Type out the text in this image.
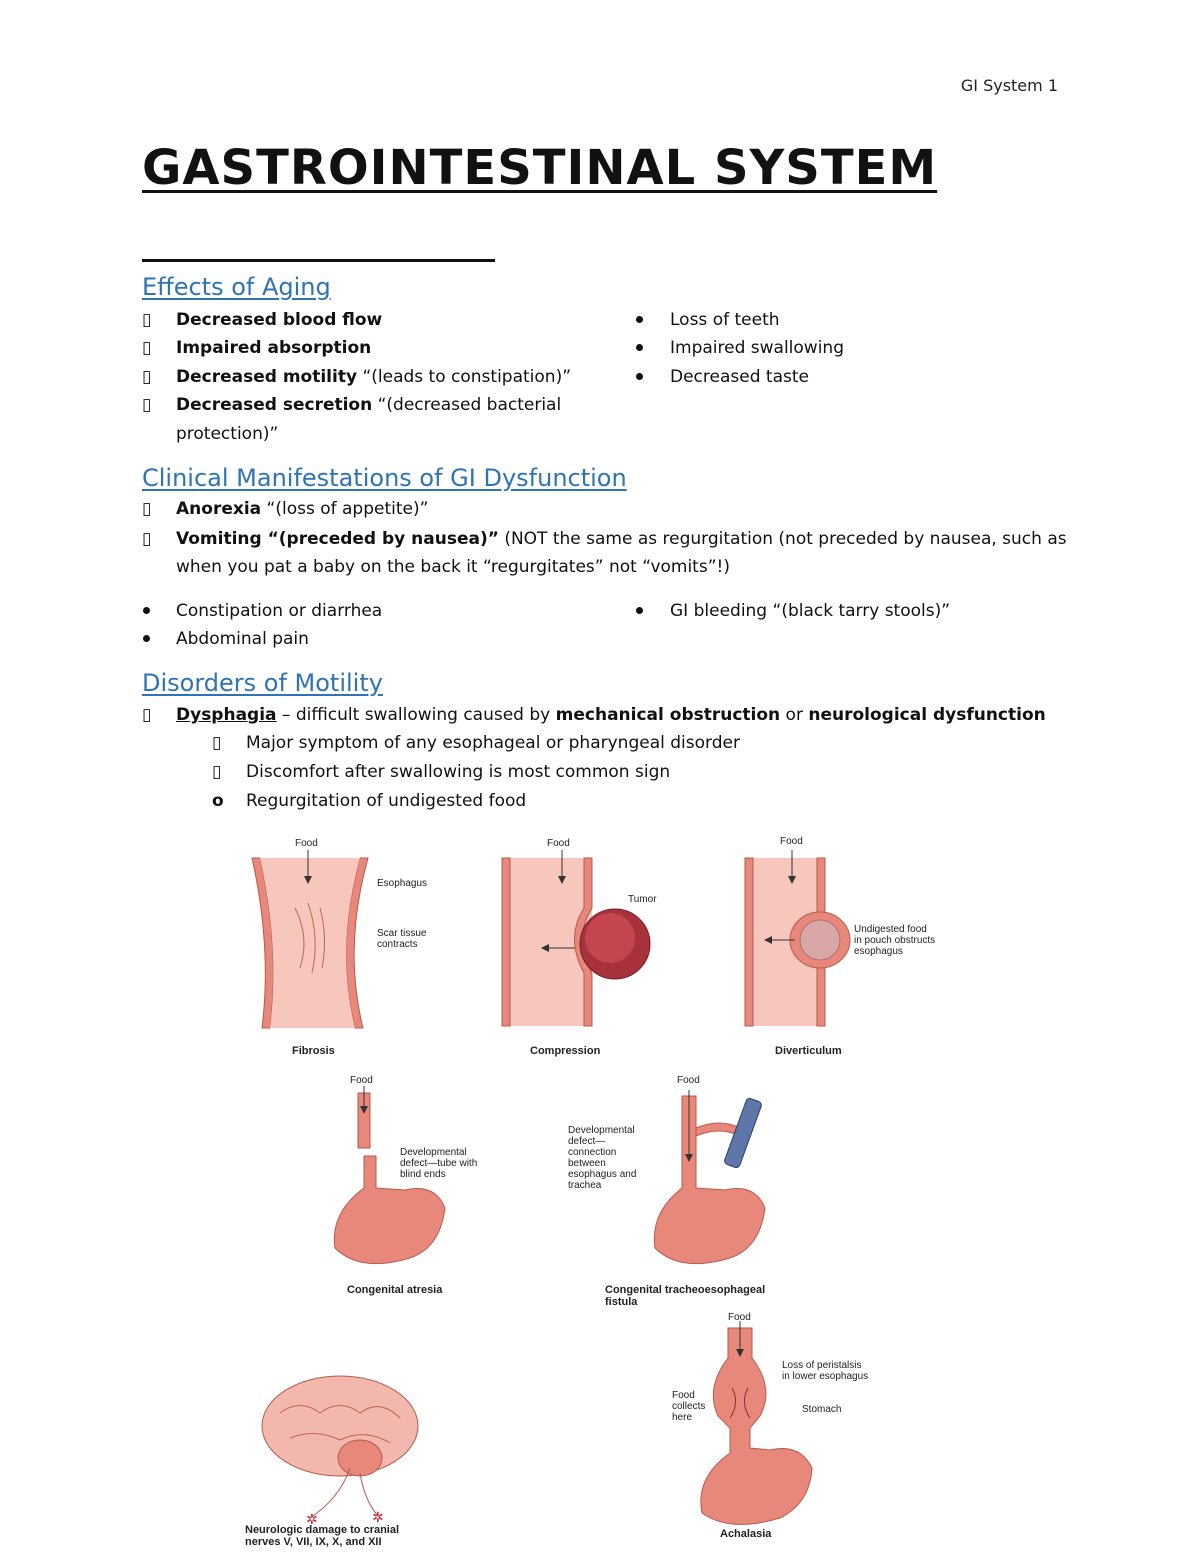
GI System 1
GASTROINTESTINAL SYSTEM
Effects of Aging
▯ Decreased blood flow
▯ Impaired absorption
▯ Decreased motility “(leads to constipation)”
▯ Decreased secretion “(decreased bacterial
protection)”
Loss of teeth
Impaired swallowing
Decreased taste
Clinical Manifestations of GI Dysfunction
▯ Anorexia “(loss of appetite)”
▯ Vomiting “(preceded by nausea)” (NOT the same as regurgitation (not preceded by nausea, such as
when you pat a baby on the back it “regurgitates” not “vomits”!)
Constipation or diarrhea
Abdominal pain
GI bleeding “(black tarry stools)”
Disorders of Motility
▯ Dysphagia – difficult swallowing caused by mechanical obstruction or neurological dysfunction
▯ Major symptom of any esophageal or pharyngeal disorder
▯ Discomfort after swallowing is most common sign
o Regurgitation of undigested food
Food
Esophagus
Scar tissue
contracts
Fibrosis
Food
Tumor
Compression
Food
Undigested food
in pouch obstructs
esophagus
Diverticulum
Food
Developmental
defect—tube with
blind ends
Congenital atresia
Food
Developmental
defect—
connection
between
esophagus and
trachea
Congenital tracheoesophageal
fistula
✲	✲
Neurologic damage to cranial
nerves V, VII, IX, X, and XII
Food
Loss of peristalsis
in lower esophagus
Food
collects
here
Stomach
Achalasia
